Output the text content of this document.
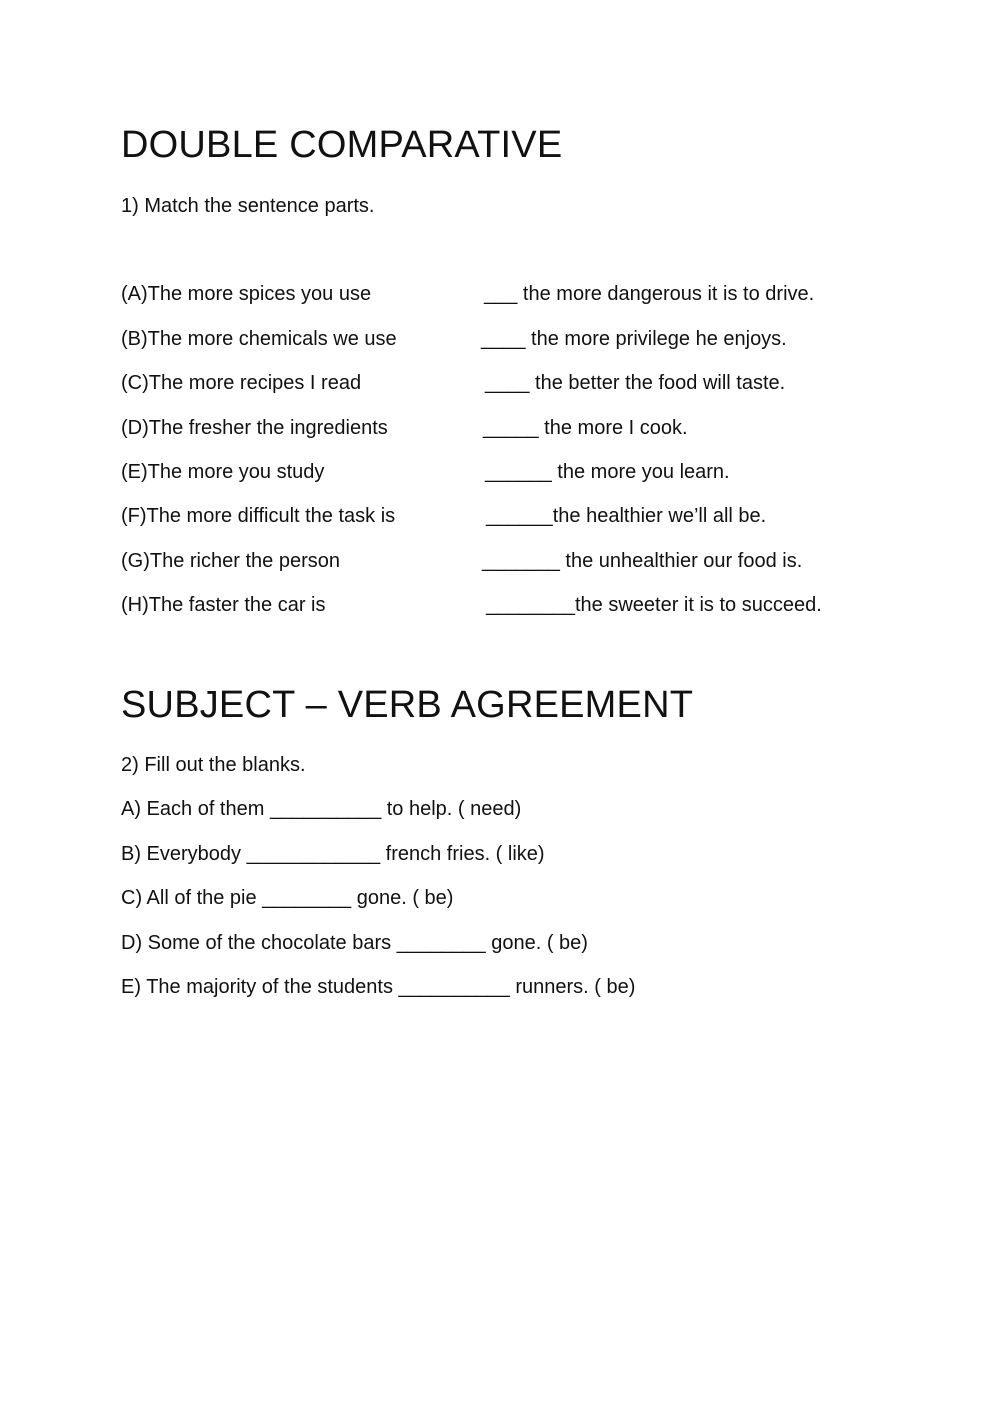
DOUBLE COMPARATIVE
1) Match the sentence parts.
(A)The more spices you use	___ the more dangerous it is to drive.
(B)The more chemicals we use	____ the more privilege he enjoys.
(C)The more recipes I read	____ the better the food will taste.
(D)The fresher the ingredients	_____ the more I cook.
(E)The more you study	______ the more you learn.
(F)The more difficult the task is	______the healthier we’ll all be.
(G)The richer the person	_______ the unhealthier our food is.
(H)The faster the car is	________the sweeter it is to succeed.
SUBJECT – VERB AGREEMENT
2) Fill out the blanks.
A) Each of them __________ to help. ( need)
B) Everybody ____________ french fries. ( like)
C) All of the pie ________ gone. ( be)
D) Some of the chocolate bars ________ gone. ( be)
E) The majority of the students __________ runners. ( be)
